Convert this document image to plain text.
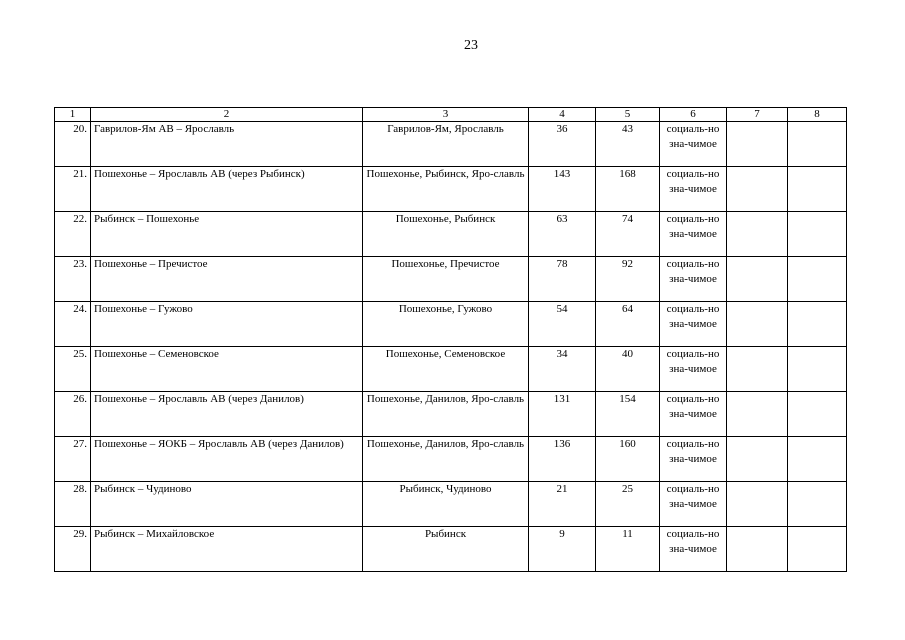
23
1	2	3	4	5	6	7	8
20.	Гаврилов-Ям АВ – Ярославль	Гаврилов-Ям, Ярославль	36	43	социаль-но зна-чимое		
21.	Пошехонье – Ярославль АВ (через Рыбинск)	Пошехонье, Рыбинск, Яро-славль	143	168	социаль-но зна-чимое		
22.	Рыбинск – Пошехонье	Пошехонье, Рыбинск	63	74	социаль-но зна-чимое		
23.	Пошехонье – Пречистое	Пошехонье, Пречистое	78	92	социаль-но зна-чимое		
24.	Пошехонье – Гужово	Пошехонье, Гужово	54	64	социаль-но зна-чимое		
25.	Пошехонье – Семеновское	Пошехонье, Семеновское	34	40	социаль-но зна-чимое		
26.	Пошехонье – Ярославль АВ (через Данилов)	Пошехонье, Данилов, Яро-славль	131	154	социаль-но зна-чимое		
27.	Пошехонье – ЯОКБ – Ярославль АВ (через Данилов)	Пошехонье, Данилов, Яро-славль	136	160	социаль-но зна-чимое		
28.	Рыбинск – Чудиново	Рыбинск, Чудиново	21	25	социаль-но зна-чимое		
29.	Рыбинск – Михайловское	Рыбинск	9	11	социаль-но зна-чимое		
